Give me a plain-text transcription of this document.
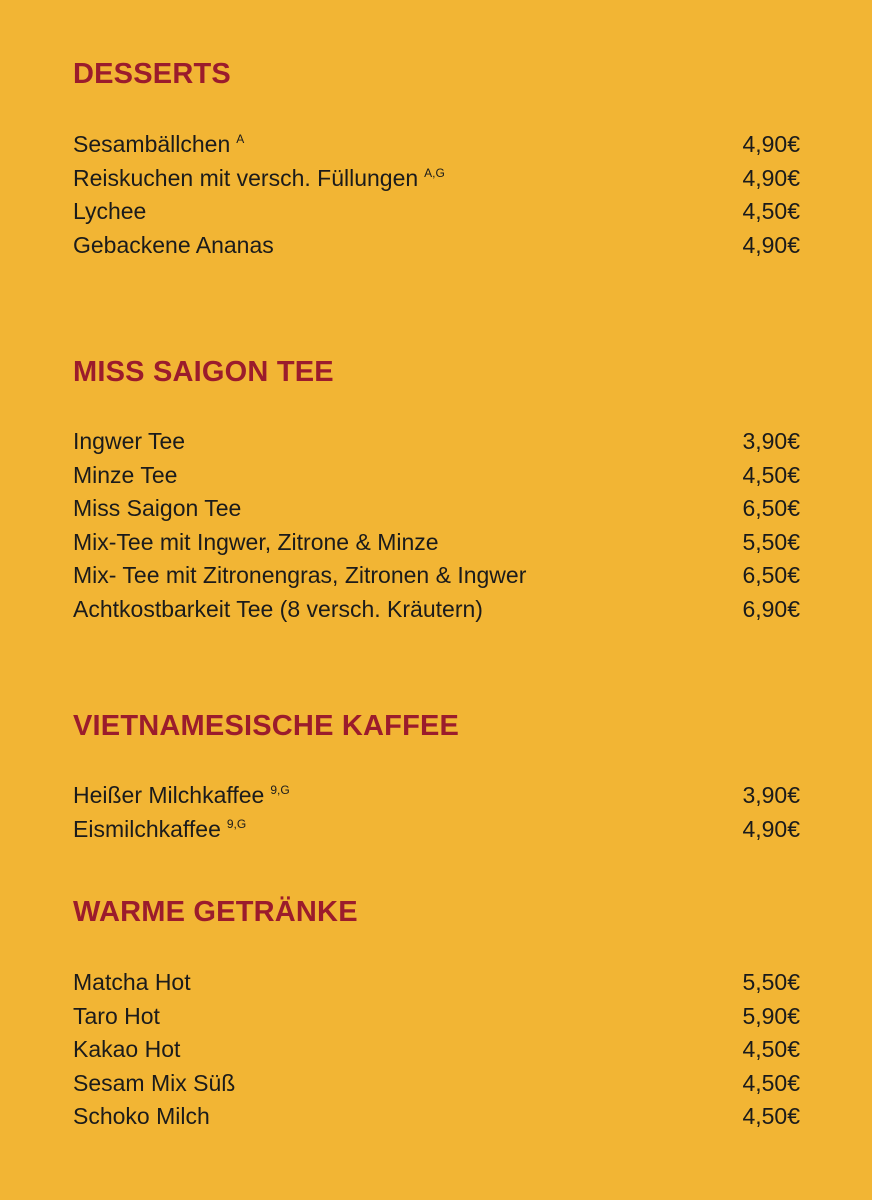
DESSERTS
Sesambällchen $^A$	4,90€
Reiskuchen mit versch. Füllungen $^{A,G}$	4,90€
Lychee	4,50€
Gebackene Ananas	4,90€
MISS SAIGON TEE
Ingwer Tee	3,90€
Minze Tee	4,50€
Miss Saigon Tee	6,50€
Mix-Tee mit Ingwer, Zitrone & Minze	5,50€
Mix- Tee mit Zitronengras, Zitronen & Ingwer	6,50€
Achtkostbarkeit Tee (8 versch. Kräutern)	6,90€
VIETNAMESISCHE KAFFEE
Heißer Milchkaffee $^{9,G}$	3,90€
Eismilchkaffee $^{9,G}$	4,90€
WARME GETRÄNKE
Matcha Hot	5,50€
Taro Hot	5,90€
Kakao Hot	4,50€
Sesam Mix Süß	4,50€
Schoko Milch	4,50€
